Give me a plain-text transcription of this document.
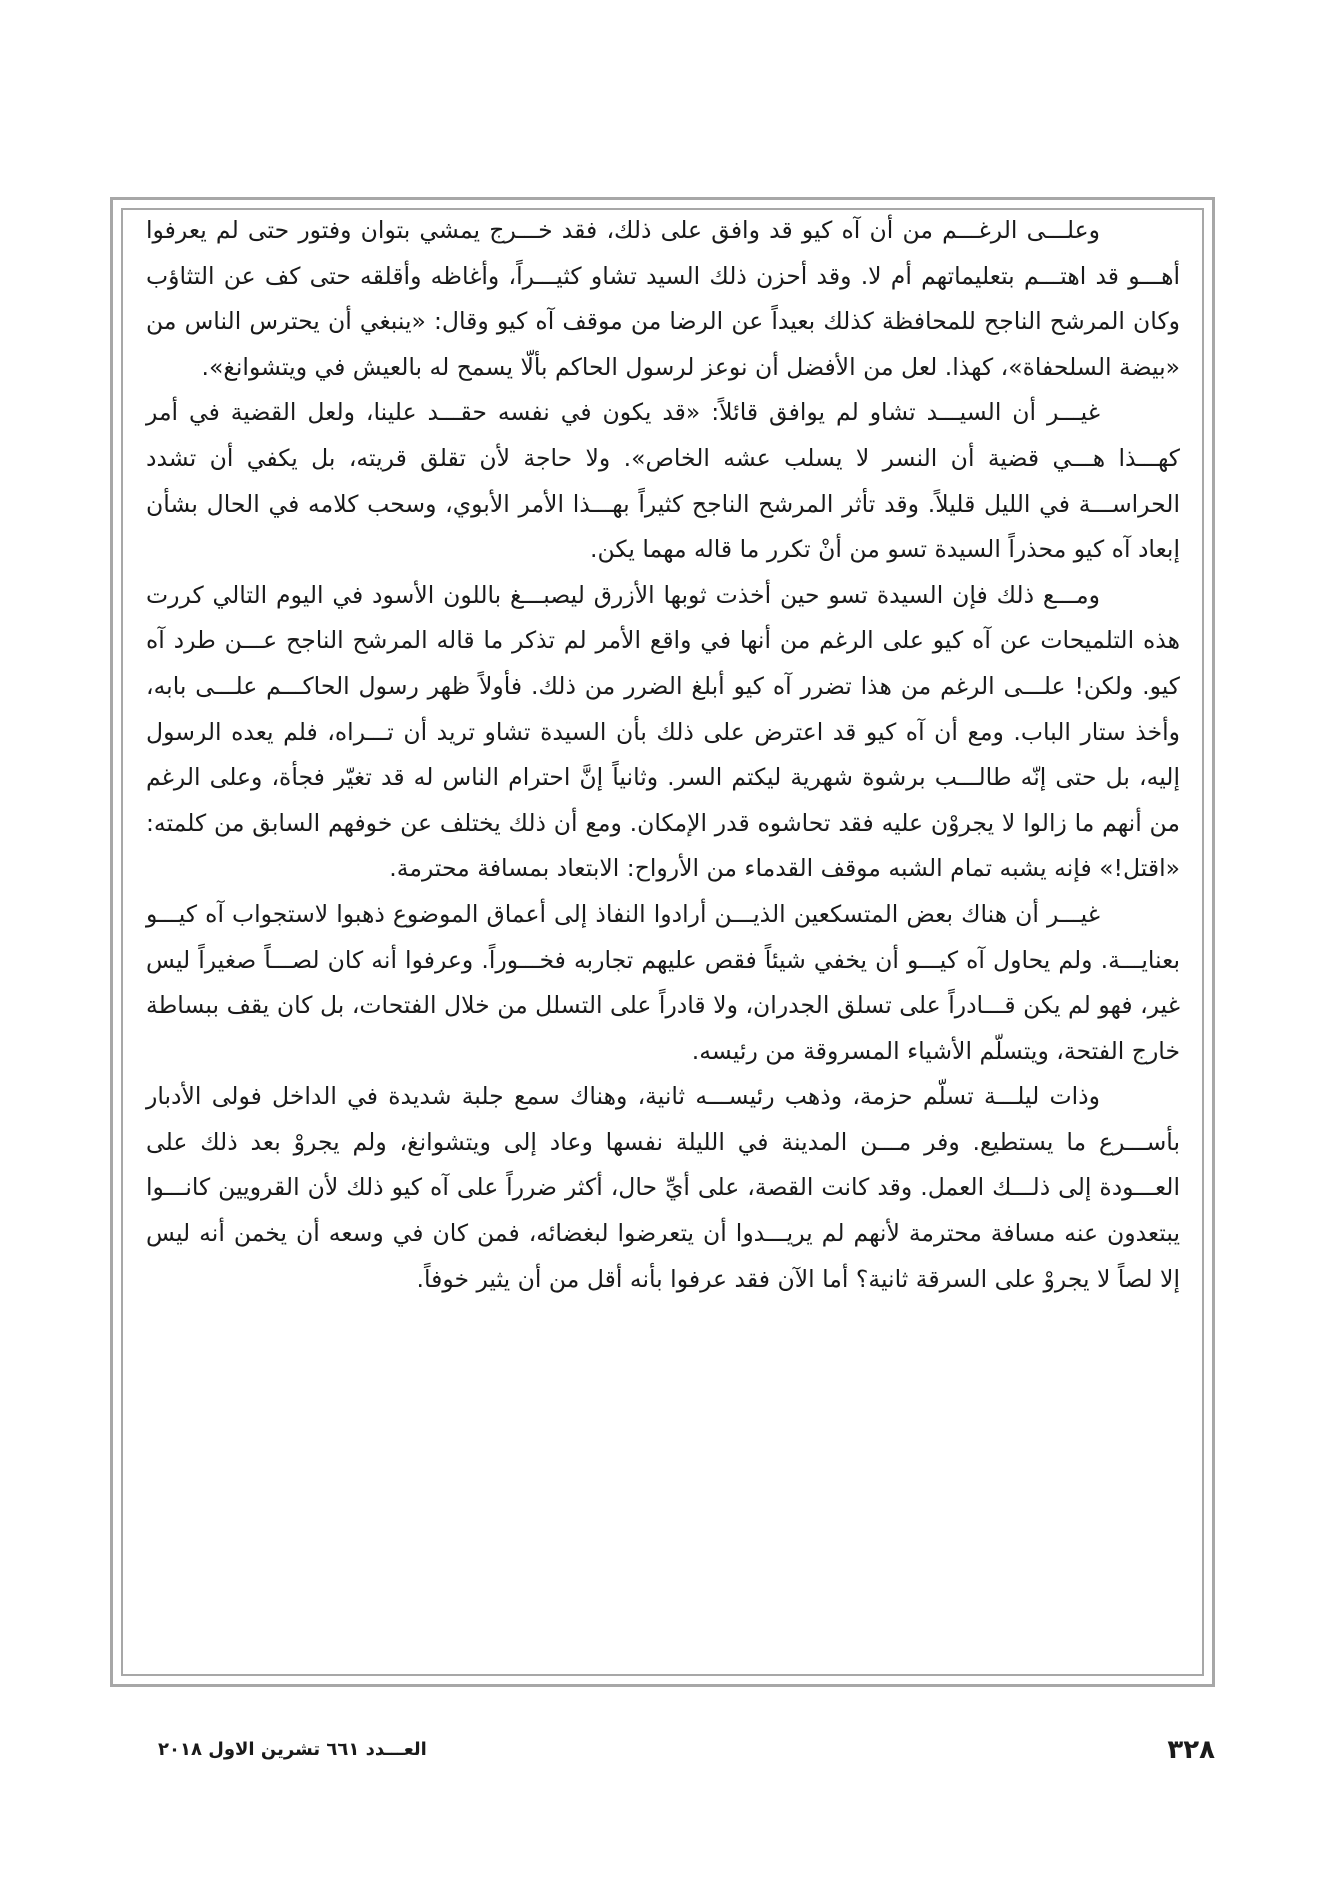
وعلـــى الرغـــم من أن آه كيو قد وافق على ذلك، فقد خـــرج يمشي بتوان وفتور حتى لم يعرفوا أهـــو قد اهتـــم بتعليماتهم أم لا. وقد أحزن ذلك السيد تشاو كثيـــراً، وأغاظه وأقلقه حتى كف عن التثاؤب وكان المرشح الناجح للمحافظة كذلك بعيداً عن الرضا من موقف آه كيو وقال: «ينبغي أن يحترس الناس من «بيضة السلحفاة»، كهذا. لعل من الأفضل أن نوعز لرسول الحاكم بألّا يسمح له بالعيش في ويتشوانغ».

غيـــر أن السيـــد تشاو لم يوافق قائلاً: «قد يكون في نفسه حقـــد علينا، ولعل القضية في أمر كهـــذا هـــي قضية أن النسر لا يسلب عشه الخاص». ولا حاجة لأن تقلق قريته، بل يكفي أن تشدد الحراســـة في الليل قليلاً. وقد تأثر المرشح الناجح كثيراً بهـــذا الأمر الأبوي، وسحب كلامه في الحال بشأن إبعاد آه كيو محذراً السيدة تسو من أنْ تكرر ما قاله مهما يكن.

ومـــع ذلك فإن السيدة تسو حين أخذت ثوبها الأزرق ليصبـــغ باللون الأسود في اليوم التالي كررت هذه التلميحات عن آه كيو على الرغم من أنها في واقع الأمر لم تذكر ما قاله المرشح الناجح عـــن طرد آه كيو. ولكن! علـــى الرغم من هذا تضرر آه كيو أبلغ الضرر من ذلك. فأولاً ظهر رسول الحاكـــم علـــى بابه، وأخذ ستار الباب. ومع أن آه كيو قد اعترض على ذلك بأن السيدة تشاو تريد أن تـــراه، فلم يعده الرسول إليه، بل حتى إنّه طالـــب برشوة شهرية ليكتم السر. وثانياً إنَّ احترام الناس له قد تغيّر فجأة، وعلى الرغم من أنهم ما زالوا لا يجروْن عليه فقد تحاشوه قدر الإمكان. ومع أن ذلك يختلف عن خوفهم السابق من كلمته: «اقتل!» فإنه يشبه تمام الشبه موقف القدماء من الأرواح: الابتعاد بمسافة محترمة.

غيـــر أن هناك بعض المتسكعين الذيـــن أرادوا النفاذ إلى أعماق الموضوع ذهبوا لاستجواب آه كيـــو بعنايـــة. ولم يحاول آه كيـــو أن يخفي شيئاً فقص عليهم تجاربه فخـــوراً. وعرفوا أنه كان لصـــاً صغيراً ليس غير، فهو لم يكن قـــادراً على تسلق الجدران، ولا قادراً على التسلل من خلال الفتحات، بل كان يقف ببساطة خارج الفتحة، ويتسلّم الأشياء المسروقة من رئيسه.

وذات ليلـــة تسلّم حزمة، وذهب رئيســـه ثانية، وهناك سمع جلبة شديدة في الداخل فولى الأدبار بأســـرع ما يستطيع. وفر مـــن المدينة في الليلة نفسها وعاد إلى ويتشوانغ، ولم يجروْ بعد ذلك على العـــودة إلى ذلـــك العمل. وقد كانت القصة، على أيِّ حال، أكثر ضرراً على آه كيو ذلك لأن القرويين كانـــوا يبتعدون عنه مسافة محترمة لأنهم لم يريـــدوا أن يتعرضوا لبغضائه، فمن كان في وسعه أن يخمن أنه ليس إلا لصاً لا يجروْ على السرقة ثانية؟ أما الآن فقد عرفوا بأنه أقل من أن يثير خوفاً.

٣٢٨
العـــدد ٦٦١ تشرين الاول ٢٠١٨
